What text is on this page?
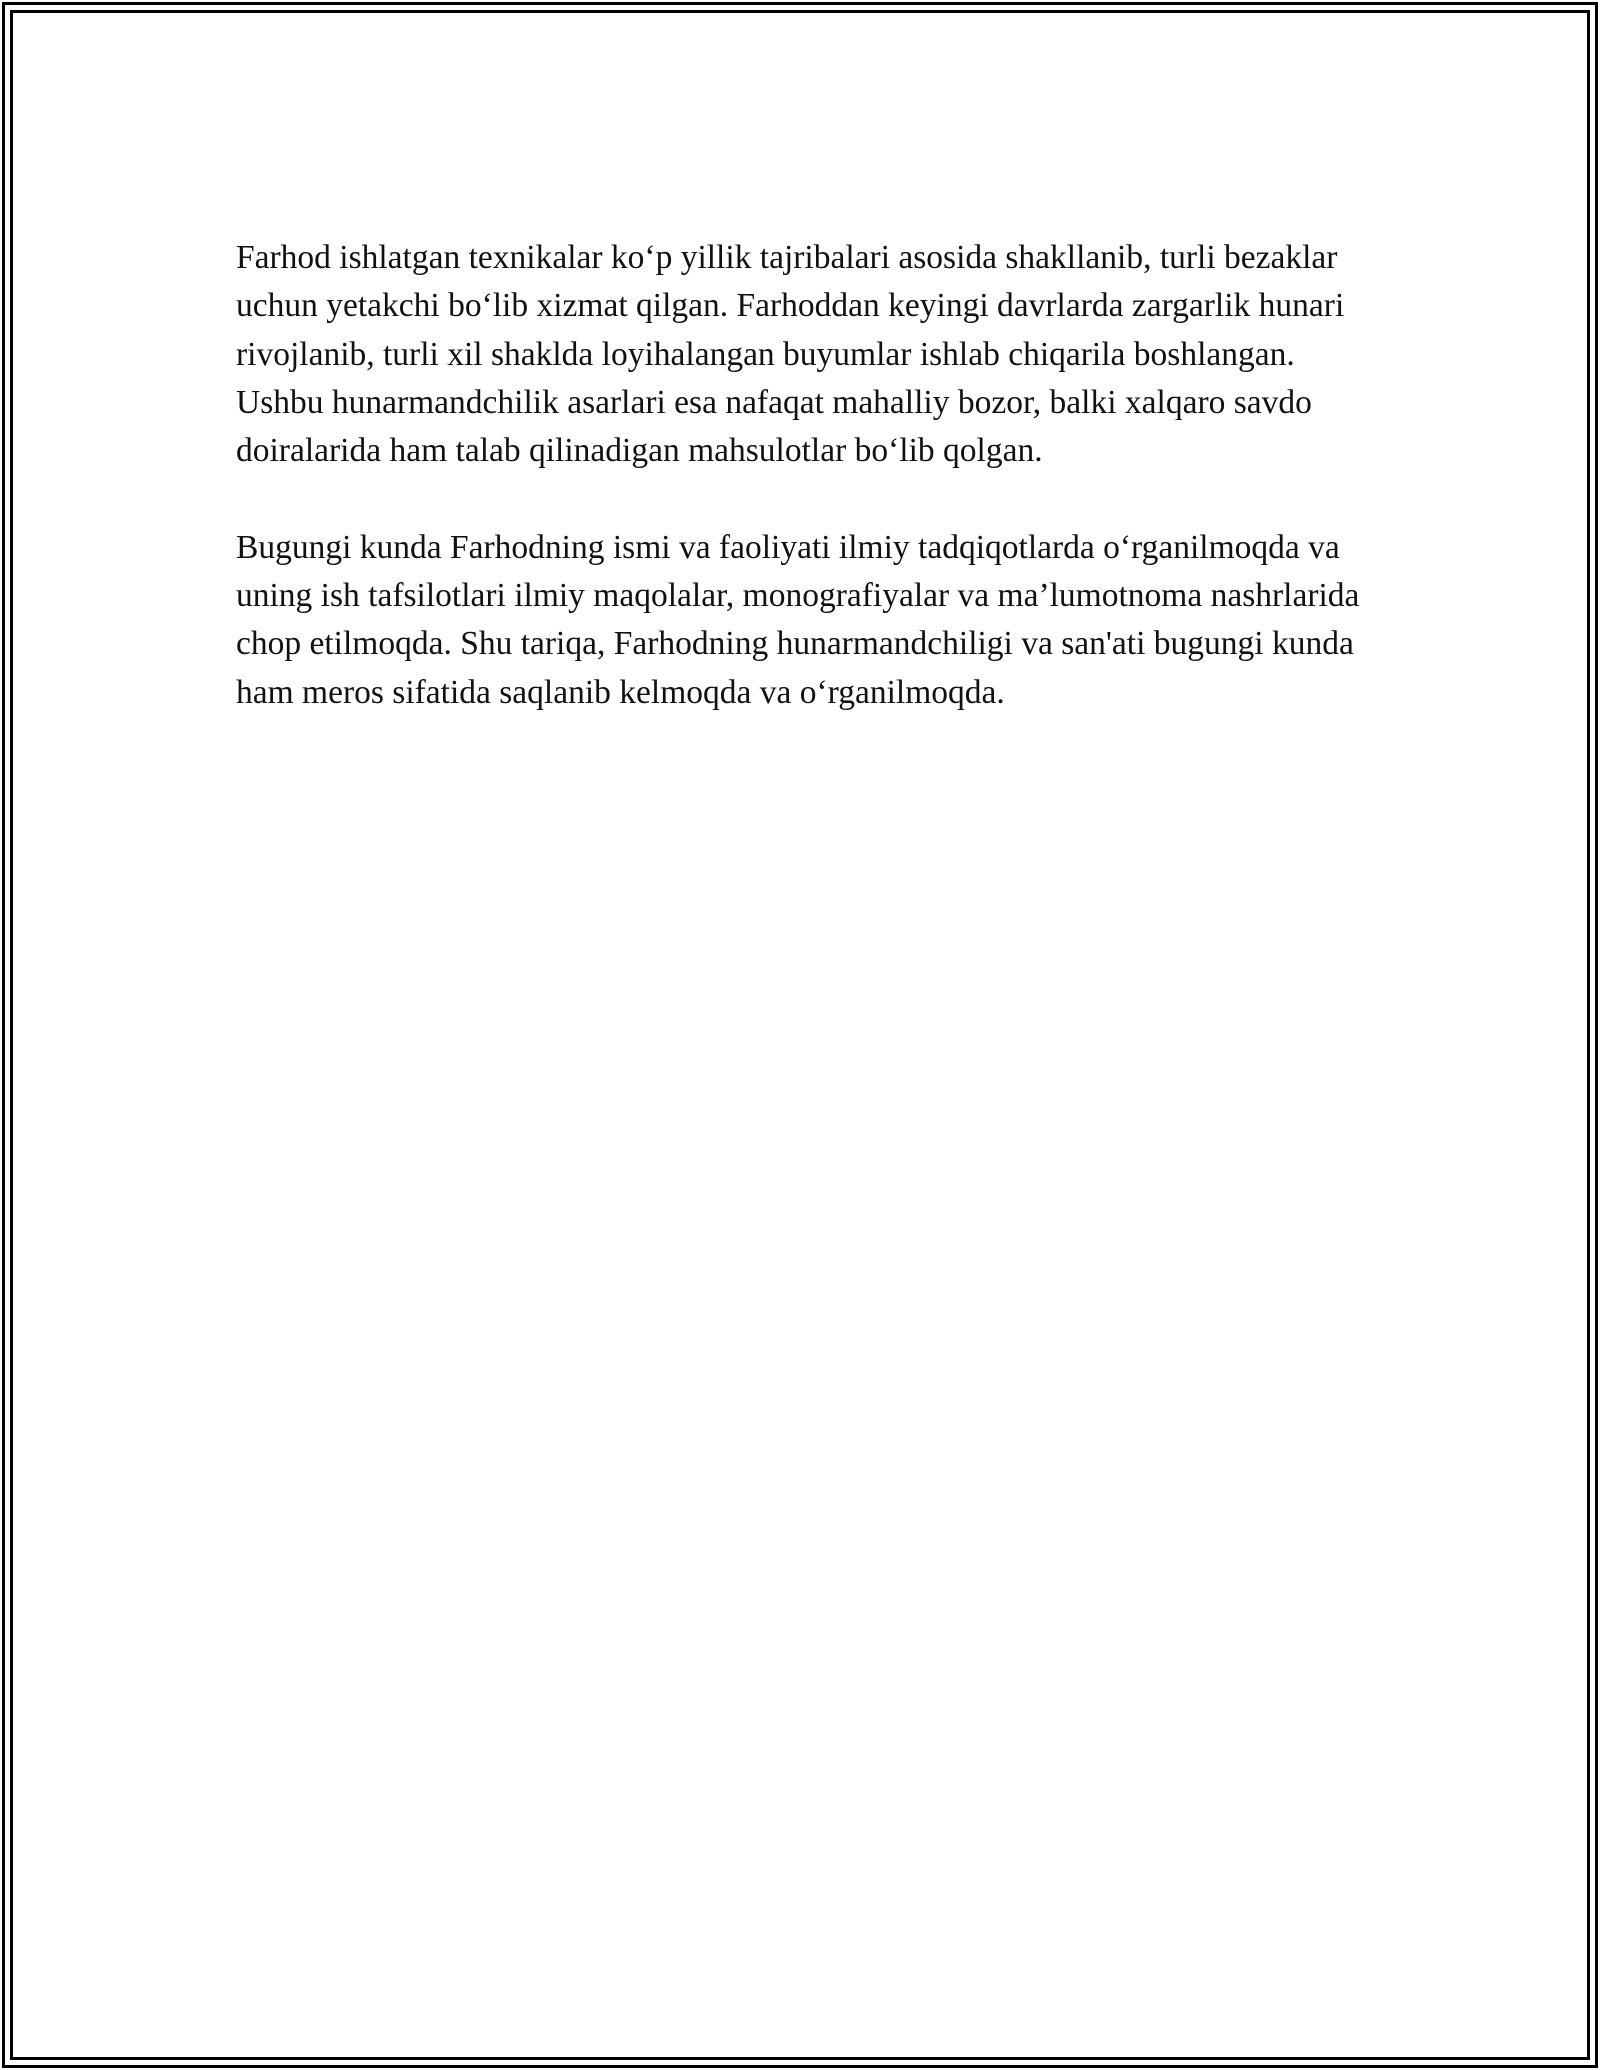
Farhod ishlatgan texnikalar ko‘p yillik tajribalari asosida shakllanib, turli bezaklar uchun yetakchi bo‘lib xizmat qilgan. Farhoddan keyingi davrlarda zargarlik hunari rivojlanib, turli xil shaklda loyihalangan buyumlar ishlab chiqarila boshlangan. Ushbu hunarmandchilik asarlari esa nafaqat mahalliy bozor, balki xalqaro savdo doiralarida ham talab qilinadigan mahsulotlar bo‘lib qolgan.

Bugungi kunda Farhodning ismi va faoliyati ilmiy tadqiqotlarda o‘rganilmoqda va uning ish tafsilotlari ilmiy maqolalar, monografiyalar va ma’lumotnoma nashrlarida chop etilmoqda. Shu tariqa, Farhodning hunarmandchiligi va san'ati bugungi kunda ham meros sifatida saqlanib kelmoqda va o‘rganilmoqda.
